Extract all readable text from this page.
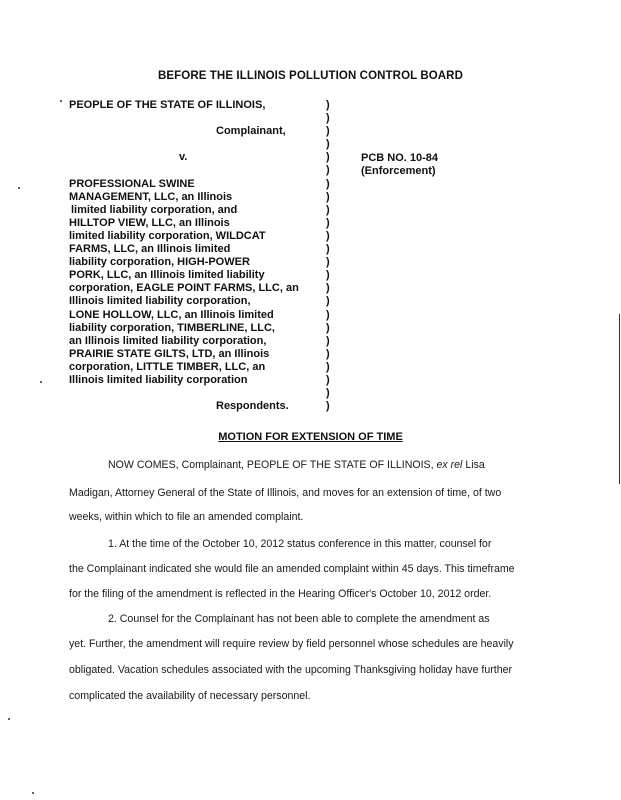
BEFORE THE ILLINOIS POLLUTION CONTROL BOARD
PEOPLE OF THE STATE OF ILLINOIS,
Complainant,
v.
PROFESSIONAL SWINE
MANAGEMENT, LLC, an Illinois
limited liability corporation, and
HILLTOP VIEW, LLC, an Illinois
limited liability corporation, WILDCAT
FARMS, LLC, an Illinois limited
liability corporation, HIGH-POWER
PORK, LLC, an Illinois limited liability
corporation, EAGLE POINT FARMS, LLC, an
Illinois limited liability corporation,
LONE HOLLOW, LLC, an Illinois limited
liability corporation, TIMBERLINE, LLC,
an Illinois limited liability corporation,
PRAIRIE STATE GILTS, LTD, an Illinois
corporation, LITTLE TIMBER, LLC, an
Illinois limited liability corporation
Respondents.
)
)
)
)
)
)
)
)
)
)
)
)
)
)
)
)
)
)
)
)
)
)
)
)
PCB NO. 10-84
(Enforcement)
MOTION FOR EXTENSION OF TIME
NOW COMES, Complainant, PEOPLE OF THE STATE OF ILLINOIS, ex rel Lisa
Madigan, Attorney General of the State of Illinois, and moves for an extension of time, of two
weeks, within which to file an amended complaint.
1. At the time of the October 10, 2012 status conference in this matter, counsel for
the Complainant indicated she would file an amended complaint within 45 days. This timeframe
for the filing of the amendment is reflected in the Hearing Officer's October 10, 2012 order.
2. Counsel for the Complainant has not been able to complete the amendment as
yet. Further, the amendment will require review by field personnel whose schedules are heavily
obligated. Vacation schedules associated with the upcoming Thanksgiving holiday have further
complicated the availability of necessary personnel.
